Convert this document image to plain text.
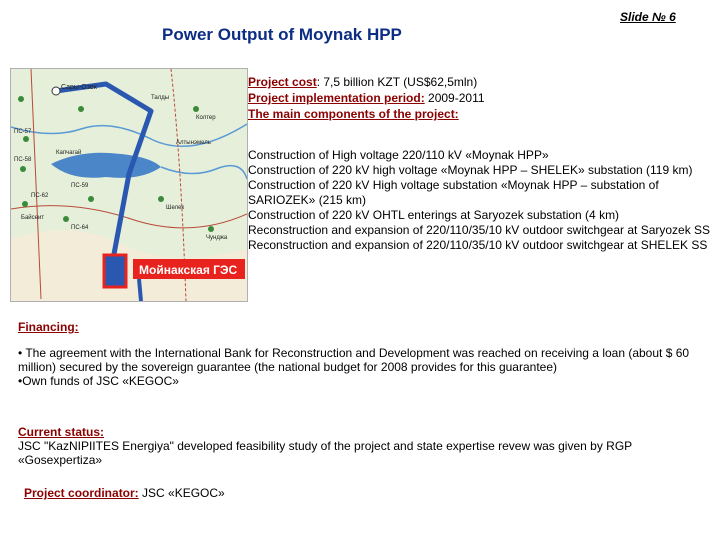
Power Output of Moynak HPP
Slide № 6
Сары-Озек
ПС-57
ПС-58
ПС-59
ПС-62
ПС-64
Талды
Алтынэмель
Капчагай
Колтер
Шелек
Байсеит
Чунджа
Мойнакская ГЭС
Project cost: 7,5 billion KZT (US$62,5mln)
Project implementation period: 2009-2011
The main components of the project:
Construction of High voltage 220/110 kV «Moynak HPP»
Construction of 220 kV high voltage «Moynak HPP – SHELEK» substation (119 km)
Construction of 220 kV High voltage substation «Moynak HPP – substation of SARIOZEK» (215 km)
Construction of 220 kV OHTL enterings at Saryozek substation (4 km)
Reconstruction and expansion of 220/110/35/10 kV outdoor switchgear at Saryozek SS
Reconstruction and expansion of 220/110/35/10 kV outdoor switchgear at SHELEK SS
Financing:
• The agreement with the International Bank for Reconstruction and Development was reached on receiving a loan (about $ 60 million) secured by the sovereign guarantee (the national budget for 2008 provides for this guarantee)
•Own funds of JSC «KEGOC»
Current status:
JSC "KazNIPIITES Energiya" developed feasibility study of the project and state expertise revew was given by RGP «Gosexpertiza»
Project coordinator: JSC «KEGOC»
